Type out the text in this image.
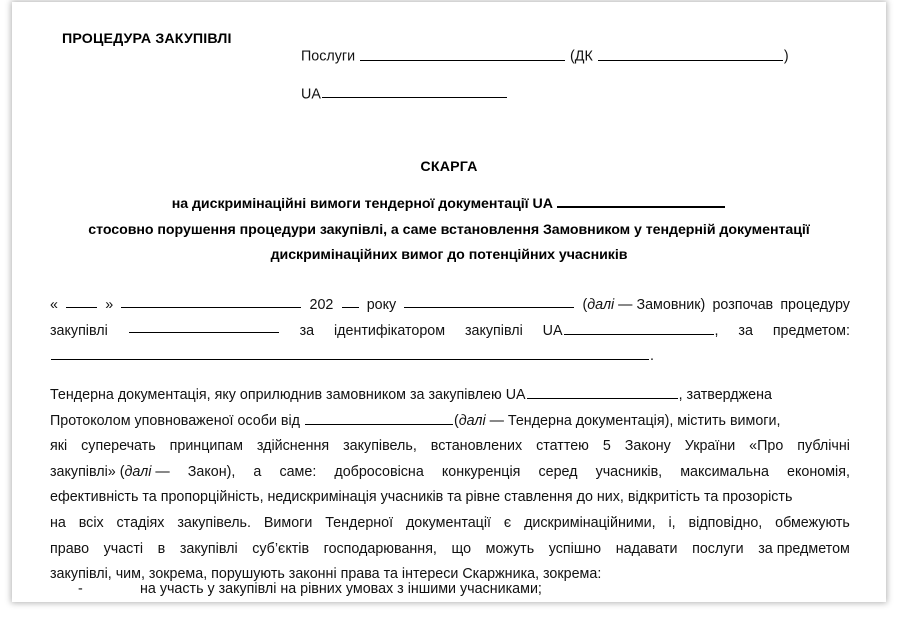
ПРОЦЕДУРА ЗАКУПІВЛІ
Послуги	(ДК	)
UA
СКАРГА
на дискримінаційні вимоги тендерної документації UA
стосовно порушення процедури закупівлі, а саме встановлення Замовником у тендерній документації
дискримінаційних вимог до потенційних учасників
«	»	202 року	(далі — Замовник) розпочав процедуру
закупівлі	за ідентифікатором закупівлі UA	, за предметом:
.
Тендерна документація, яку оприлюднив замовником за закупівлею UA	, затверджена
Протоколом уповноваженої особи від	(далі — Тендерна документація), містить вимоги,
які суперечать принципам здійснення закупівель, встановлених статтею 5 Закону України «Про публічні
закупівлі» (далі — Закон), а саме: добросовісна конкуренція серед учасників, максимальна економія,
ефективність та пропорційність, недискримінація учасників та рівне ставлення до них, відкритість та прозорість
на всіх стадіях закупівель. Вимоги Тендерної документації є дискримінаційними, і, відповідно, обмежують
право участі в закупівлі суб’єктів господарювання, що можуть успішно надавати послуги за предметом
закупівлі, чим, зокрема, порушують законні права та інтереси Скаржника, зокрема:
-	на участь у закупівлі на рівних умовах з іншими учасниками;
